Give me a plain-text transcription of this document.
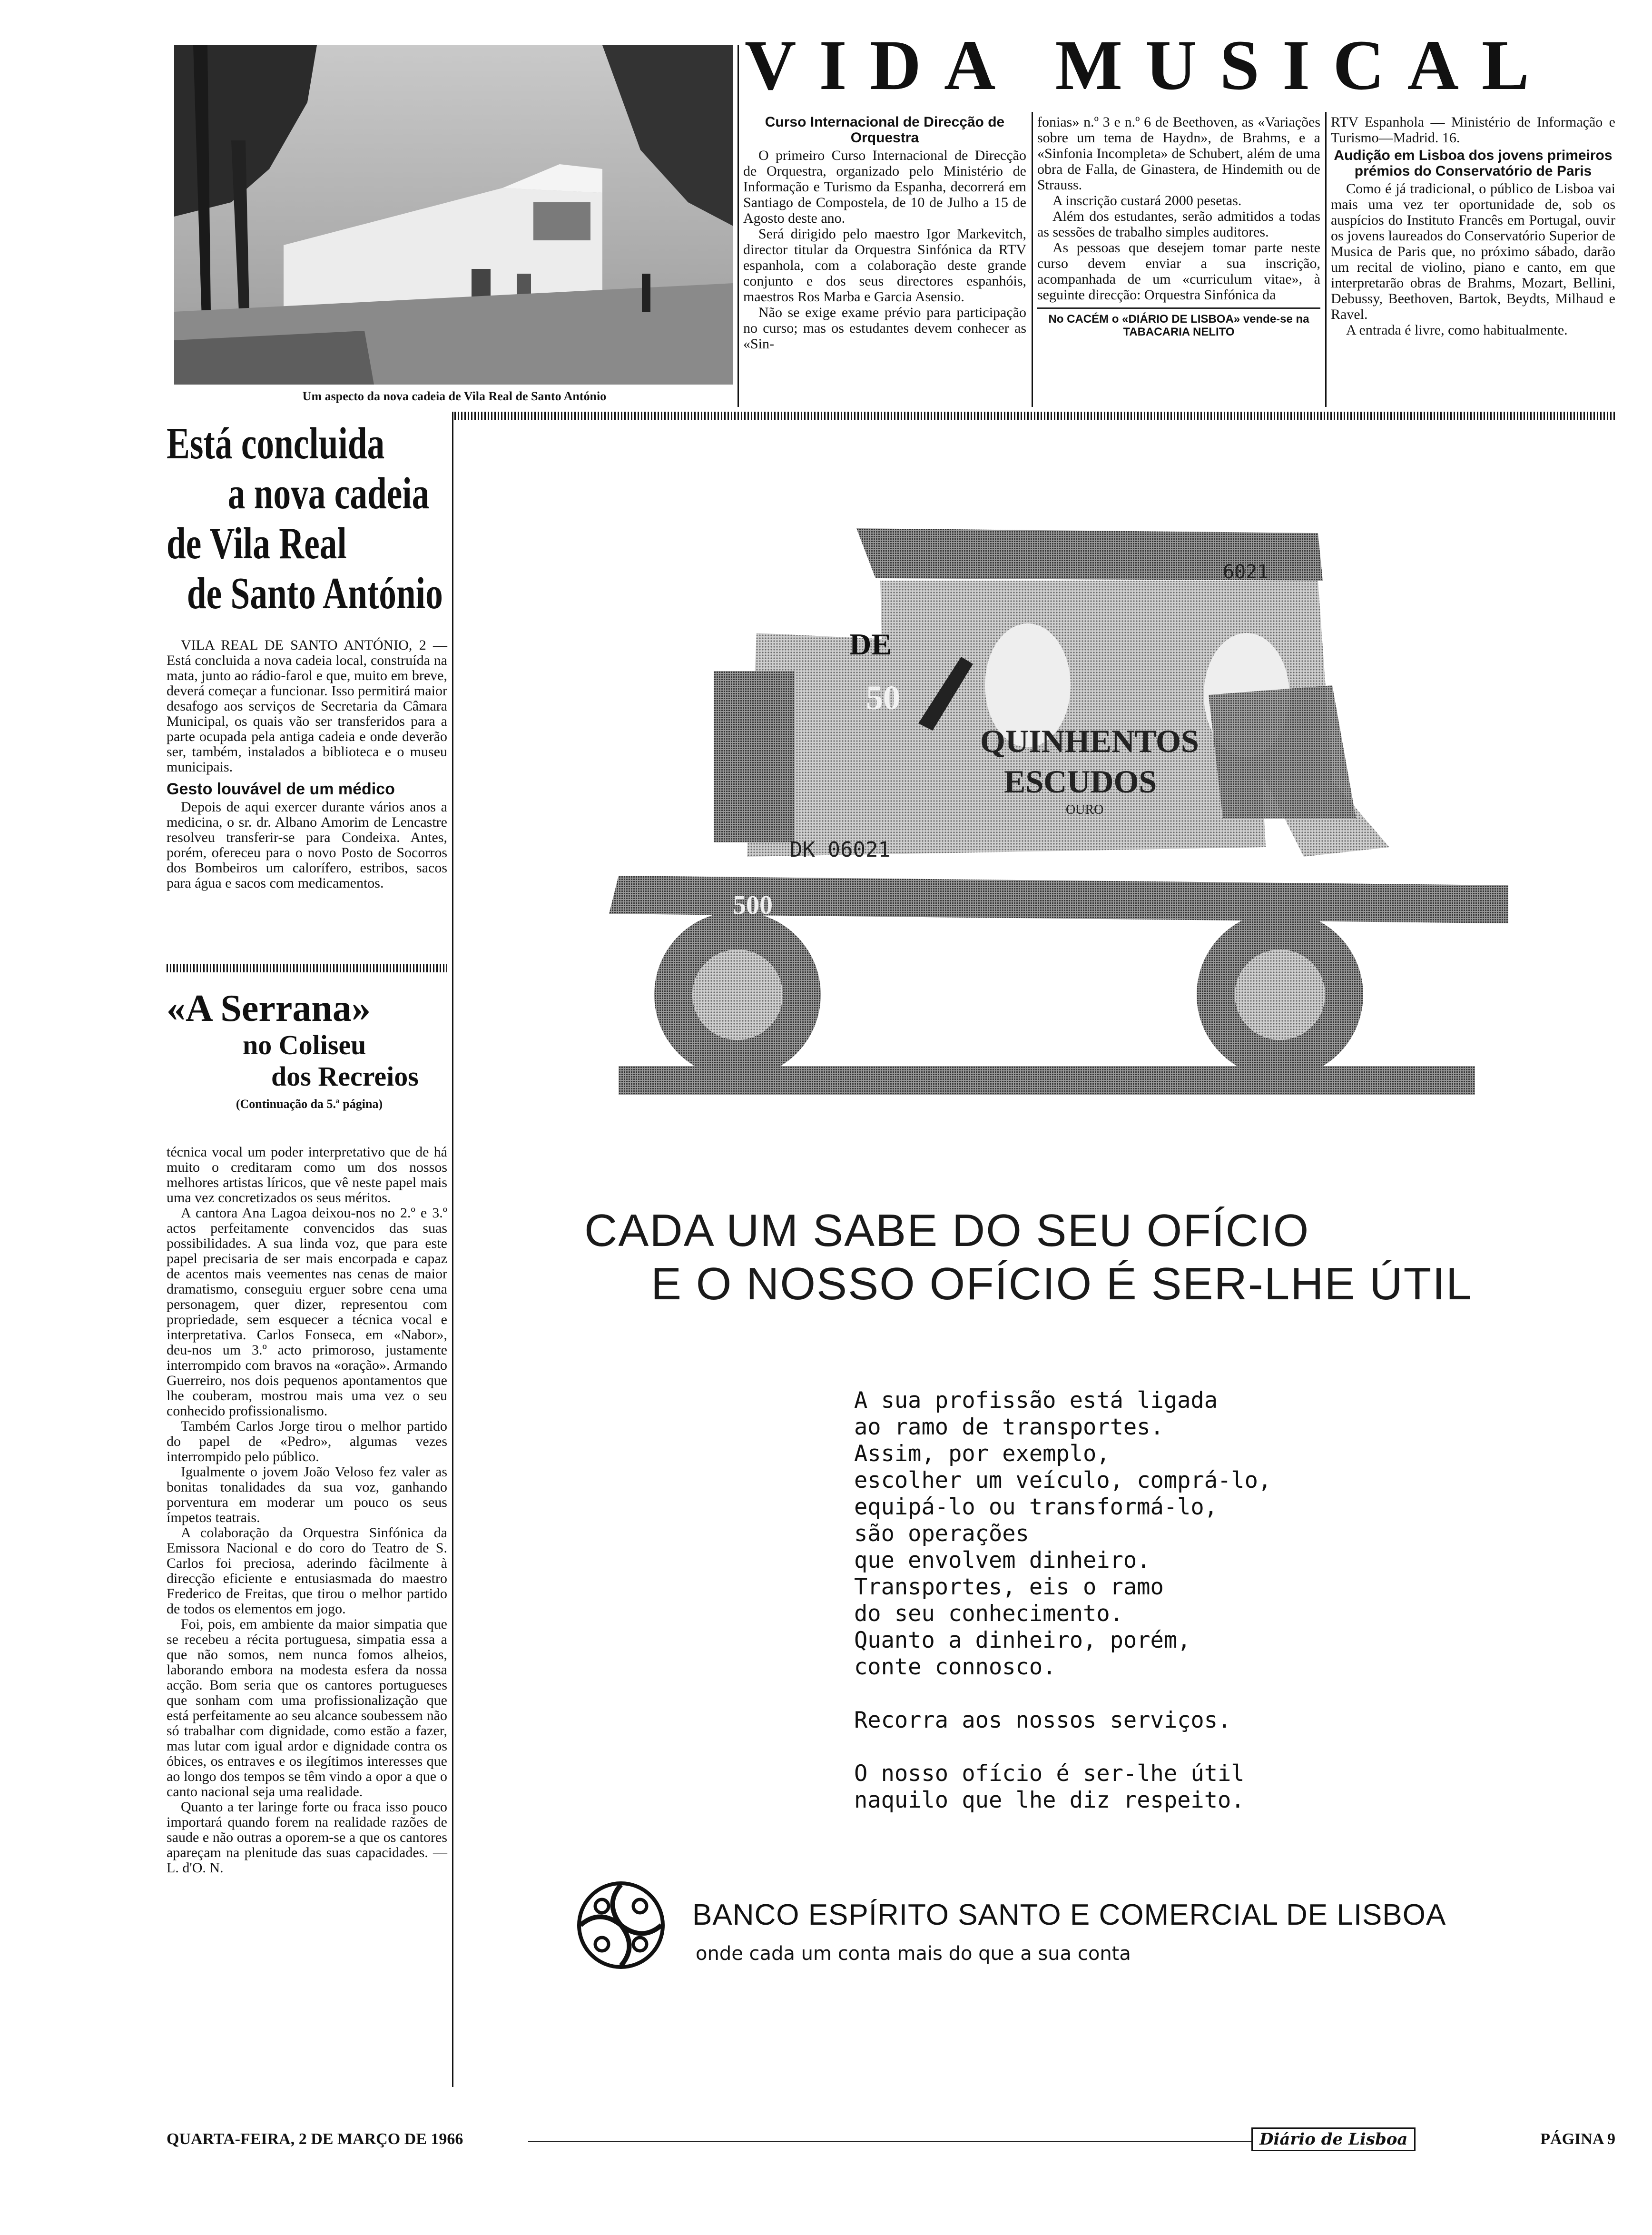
Um aspecto da nova cadeia de Vila Real de Santo António
VIDA MUSICAL
Curso Internacional de Direcção de Orquestra

O primeiro Curso Internacional de Direcção de Orquestra, organizado pelo Ministério de Informação e Turismo da Espanha, decorrerá em Santiago de Compostela, de 10 de Julho a 15 de Agosto deste ano.

Será dirigido pelo maestro Igor Markevitch, director titular da Orquestra Sinfónica da RTV espanhola, com a colaboração deste grande conjunto e dos seus directores espanhóis, maestros Ros Marba e Garcia Asensio.

Não se exige exame prévio para participação no curso; mas os estudantes devem conhecer as «Sin-

fonias» n.º 3 e n.º 6 de Beethoven, as «Variações sobre um tema de Haydn», de Brahms, e a «Sinfonia Incompleta» de Schubert, além de uma obra de Falla, de Ginastera, de Hindemith ou de Strauss.

A inscrição custará 2000 pesetas.

Além dos estudantes, serão admitidos a todas as sessões de trabalho simples auditores.

As pessoas que desejem tomar parte neste curso devem enviar a sua inscrição, acompanhada de um «curriculum vitae», à seguinte direcção: Orquestra Sinfónica da

No CACÉM o «DIÁRIO DE LISBOA» vende-se na TABACARIA NELITO

RTV Espanhola — Ministério de Informação e Turismo—Madrid. 16.

Audição em Lisboa dos jovens primeiros prémios do Conservatório de Paris

Como é já tradicional, o público de Lisboa vai mais uma vez ter oportunidade de, sob os auspícios do Instituto Francês em Portugal, ouvir os jovens laureados do Conservatório Superior de Musica de Paris que, no próximo sábado, darão um recital de violino, piano e canto, em que interpretarão obras de Brahms, Mozart, Bellini, Debussy, Beethoven, Bartok, Beydts, Milhaud e Ravel.

A entrada é livre, como habitualmente.

Está concluida
a nova cadeia
de Vila Real
de Santo António

VILA REAL DE SANTO ANTÓNIO, 2 — Está concluida a nova cadeia local, construída na mata, junto ao rádio-farol e que, muito em breve, deverá começar a funcionar. Isso permitirá maior desafogo aos serviços de Secretaria da Câmara Municipal, os quais vão ser transferidos para a parte ocupada pela antiga cadeia e onde deverão ser, também, instalados a biblioteca e o museu municipais.

Gesto louvável de um médico

Depois de aqui exercer durante vários anos a medicina, o sr. dr. Albano Amorim de Lencastre resolveu transferir-se para Condeixa. Antes, porém, ofereceu para o novo Posto de Socorros dos Bombeiros um calorífero, estribos, sacos para água e sacos com medicamentos.

«A Serrana»
no Coliseu
dos Recreios
(Continuação da 5.ª página)

técnica vocal um poder interpretativo que de há muito o creditaram como um dos nossos melhores artistas líricos, que vê neste papel mais uma vez concretizados os seus méritos.

A cantora Ana Lagoa deixou-nos no 2.º e 3.º actos perfeitamente convencidos das suas possibilidades. A sua linda voz, que para este papel precisaria de ser mais encorpada e capaz de acentos mais veementes nas cenas de maior dramatismo, conseguiu erguer sobre cena uma personagem, quer dizer, representou com propriedade, sem esquecer a técnica vocal e interpretativa. Carlos Fonseca, em «Nabor», deu-nos um 3.º acto primoroso, justamente interrompido com bravos na «oração». Armando Guerreiro, nos dois pequenos apontamentos que lhe couberam, mostrou mais uma vez o seu conhecido profissionalismo.

Também Carlos Jorge tirou o melhor partido do papel de «Pedro», algumas vezes interrompido pelo público.

Igualmente o jovem João Veloso fez valer as bonitas tonalidades da sua voz, ganhando porventura em moderar um pouco os seus ímpetos teatrais.

A colaboração da Orquestra Sinfónica da Emissora Nacional e do coro do Teatro de S. Carlos foi preciosa, aderindo fàcilmente à direcção eficiente e entusiasmada do maestro Frederico de Freitas, que tirou o melhor partido de todos os elementos em jogo.

Foi, pois, em ambiente da maior simpatia que se recebeu a récita portuguesa, simpatia essa a que não somos, nem nunca fomos alheios, laborando embora na modesta esfera da nossa acção. Bom seria que os cantores portugueses que sonham com uma profissionalização que está perfeitamente ao seu alcance soubessem não só trabalhar com dignidade, como estão a fazer, mas lutar com igual ardor e dignidade contra os óbices, os entraves e os ilegítimos interesses que ao longo dos tempos se têm vindo a opor a que o canto nacional seja uma realidade.

Quanto a ter laringe forte ou fraca isso pouco importará quando forem na realidade razões de saude e não outras a oporem-se a que os cantores apareçam na plenitude das suas capacidades. — L. d'O. N.

DE
50
QUINHENTOS
ESCUDOS
OURO
DK 06021
6021
500
CADA UM SABE DO SEU OFÍCIO
E O NOSSO OFÍCIO É SER-LHE ÚTIL
A sua profissão está ligada
ao ramo de transportes.
Assim, por exemplo,
escolher um veículo, comprá-lo,
equipá-lo ou transformá-lo,
são operações
que envolvem dinheiro.
Transportes, eis o ramo
do seu conhecimento.
Quanto a dinheiro, porém,
conte connosco.
Recorra aos nossos serviços.
O nosso ofício é ser-lhe útil
naquilo que lhe diz respeito.
BANCO ESPÍRITO SANTO E COMERCIAL DE LISBOA
onde cada um conta mais do que a sua conta
QUARTA-FEIRA, 2 DE MARÇO DE 1966	Diário de Lisboa	PÁGINA 9
